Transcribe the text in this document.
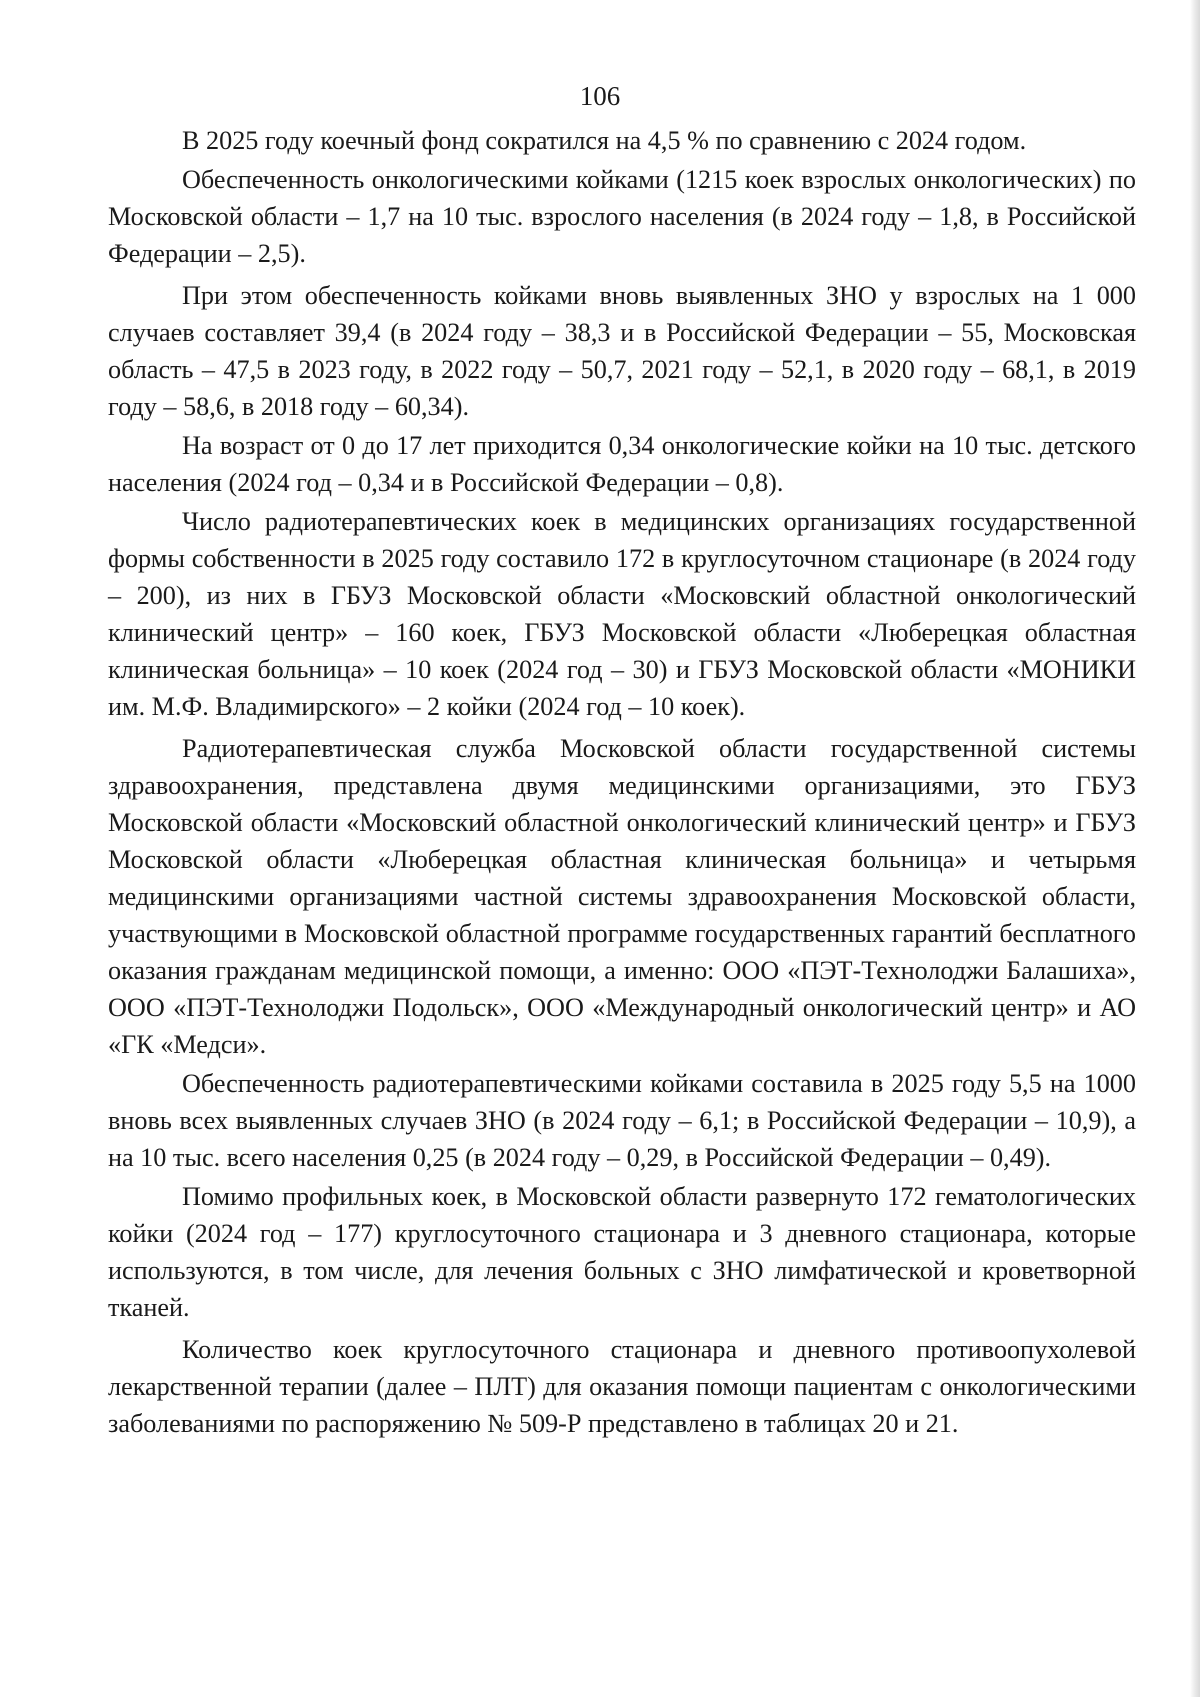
106

В 2025 году коечный фонд сократился на 4,5 % по сравнению с 2024 годом.

Обеспеченность онкологическими койками (1215 коек взрослых онкологических) по Московской области – 1,7 на 10 тыс. взрослого населения (в 2024 году – 1,8, в Российской Федерации – 2,5).

При этом обеспеченность койками вновь выявленных ЗНО у взрослых на 1 000 случаев составляет 39,4 (в 2024 году – 38,3 и в Российской Федерации – 55, Московская область – 47,5 в 2023 году, в 2022 году – 50,7, 2021 году – 52,1, в 2020 году – 68,1, в 2019 году – 58,6, в 2018 году – 60,34).

На возраст от 0 до 17 лет приходится 0,34 онкологические койки на 10 тыс. детского населения (2024 год – 0,34 и в Российской Федерации – 0,8).

Число радиотерапевтических коек в медицинских организациях государственной формы собственности в 2025 году составило 172 в круглосуточном стационаре (в 2024 году – 200), из них в ГБУЗ Московской области «Московский областной онкологический клинический центр» – 160 коек, ГБУЗ Московской области «Люберецкая областная клиническая больница» – 10 коек (2024 год – 30) и ГБУЗ Московской области «МОНИКИ им. М.Ф. Владимирского» – 2 койки (2024 год – 10 коек).

Радиотерапевтическая служба Московской области государственной системы здравоохранения, представлена двумя медицинскими организациями, это ГБУЗ Московской области «Московский областной онкологический клинический центр» и ГБУЗ Московской области «Люберецкая областная клиническая больница» и четырьмя медицинскими организациями частной системы здравоохранения Московской области, участвующими в Московской областной программе государственных гарантий бесплатного оказания гражданам медицинской помощи, а именно: ООО «ПЭТ-Технолоджи Балашиха», ООО «ПЭТ-Технолоджи Подольск», ООО «Международный онкологический центр» и АО «ГК «Медси».

Обеспеченность радиотерапевтическими койками составила в 2025 году 5,5 на 1000 вновь всех выявленных случаев ЗНО (в 2024 году – 6,1; в Российской Федерации – 10,9), а на 10 тыс. всего населения 0,25 (в 2024 году – 0,29, в Российской Федерации – 0,49).

Помимо профильных коек, в Московской области развернуто 172 гематологических койки (2024 год – 177) круглосуточного стационара и 3 дневного стационара, которые используются, в том числе, для лечения больных с ЗНО лимфатической и кроветворной тканей.

Количество коек круглосуточного стационара и дневного противоопухолевой лекарственной терапии (далее – ПЛТ) для оказания помощи пациентам с онкологическими заболеваниями по распоряжению № 509-Р представлено в таблицах 20 и 21.
